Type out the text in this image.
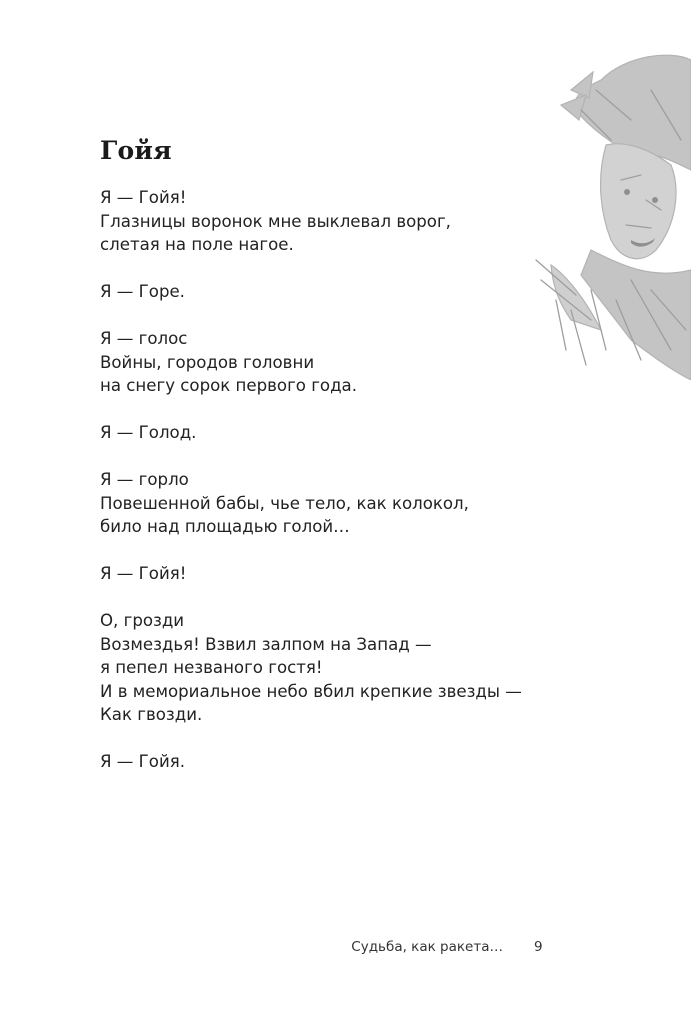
Гойя
Я — Гойя!
Глазницы воронок мне выклевал ворог,
слетая на поле нагое.
Я — Горе.
Я — голос
Войны, городов головни
на снегу сорок первого года.
Я — Голод.
Я — горло
Повешенной бабы, чье тело, как колокол,
било над площадью голой…
Я — Гойя!
О, грозди
Возмездья! Взвил залпом на Запад —
я пепел незваного гостя!
И в мемориальное небо вбил крепкие звезды —
Как гвозди.
Я — Гойя.
Судьба, как ракета… 9
